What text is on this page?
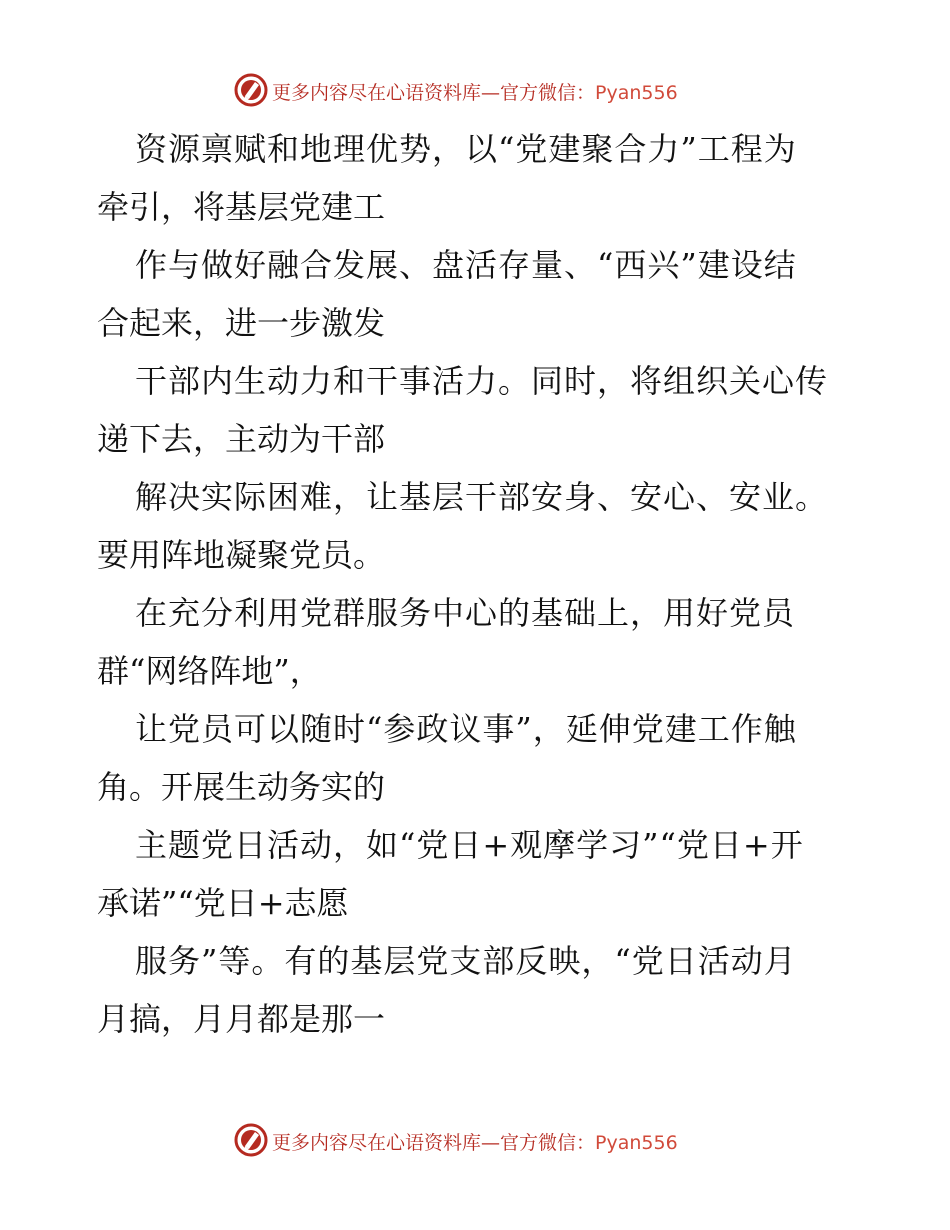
更多内容尽在心语资料库—官方微信：Pyan556
资源禀赋和地理优势，以“党建聚合力”工程为
牵引，将基层党建工
作与做好融合发展、盘活存量、“西兴”建设结
合起来，进一步激发
干部内生动力和干事活力。同时，将组织关心传
递下去，主动为干部
解决实际困难，让基层干部安身、安心、安业。
要用阵地凝聚党员。
在充分利用党群服务中心的基础上，用好党员
群“网络阵地”，
让党员可以随时“参政议事”，延伸党建工作触
角。开展生动务实的
主题党日活动，如“党日+观摩学习”“党日+开
承诺”“党日+志愿
服务”等。有的基层党支部反映，“党日活动月
月搞，月月都是那一
更多内容尽在心语资料库—官方微信：Pyan556
